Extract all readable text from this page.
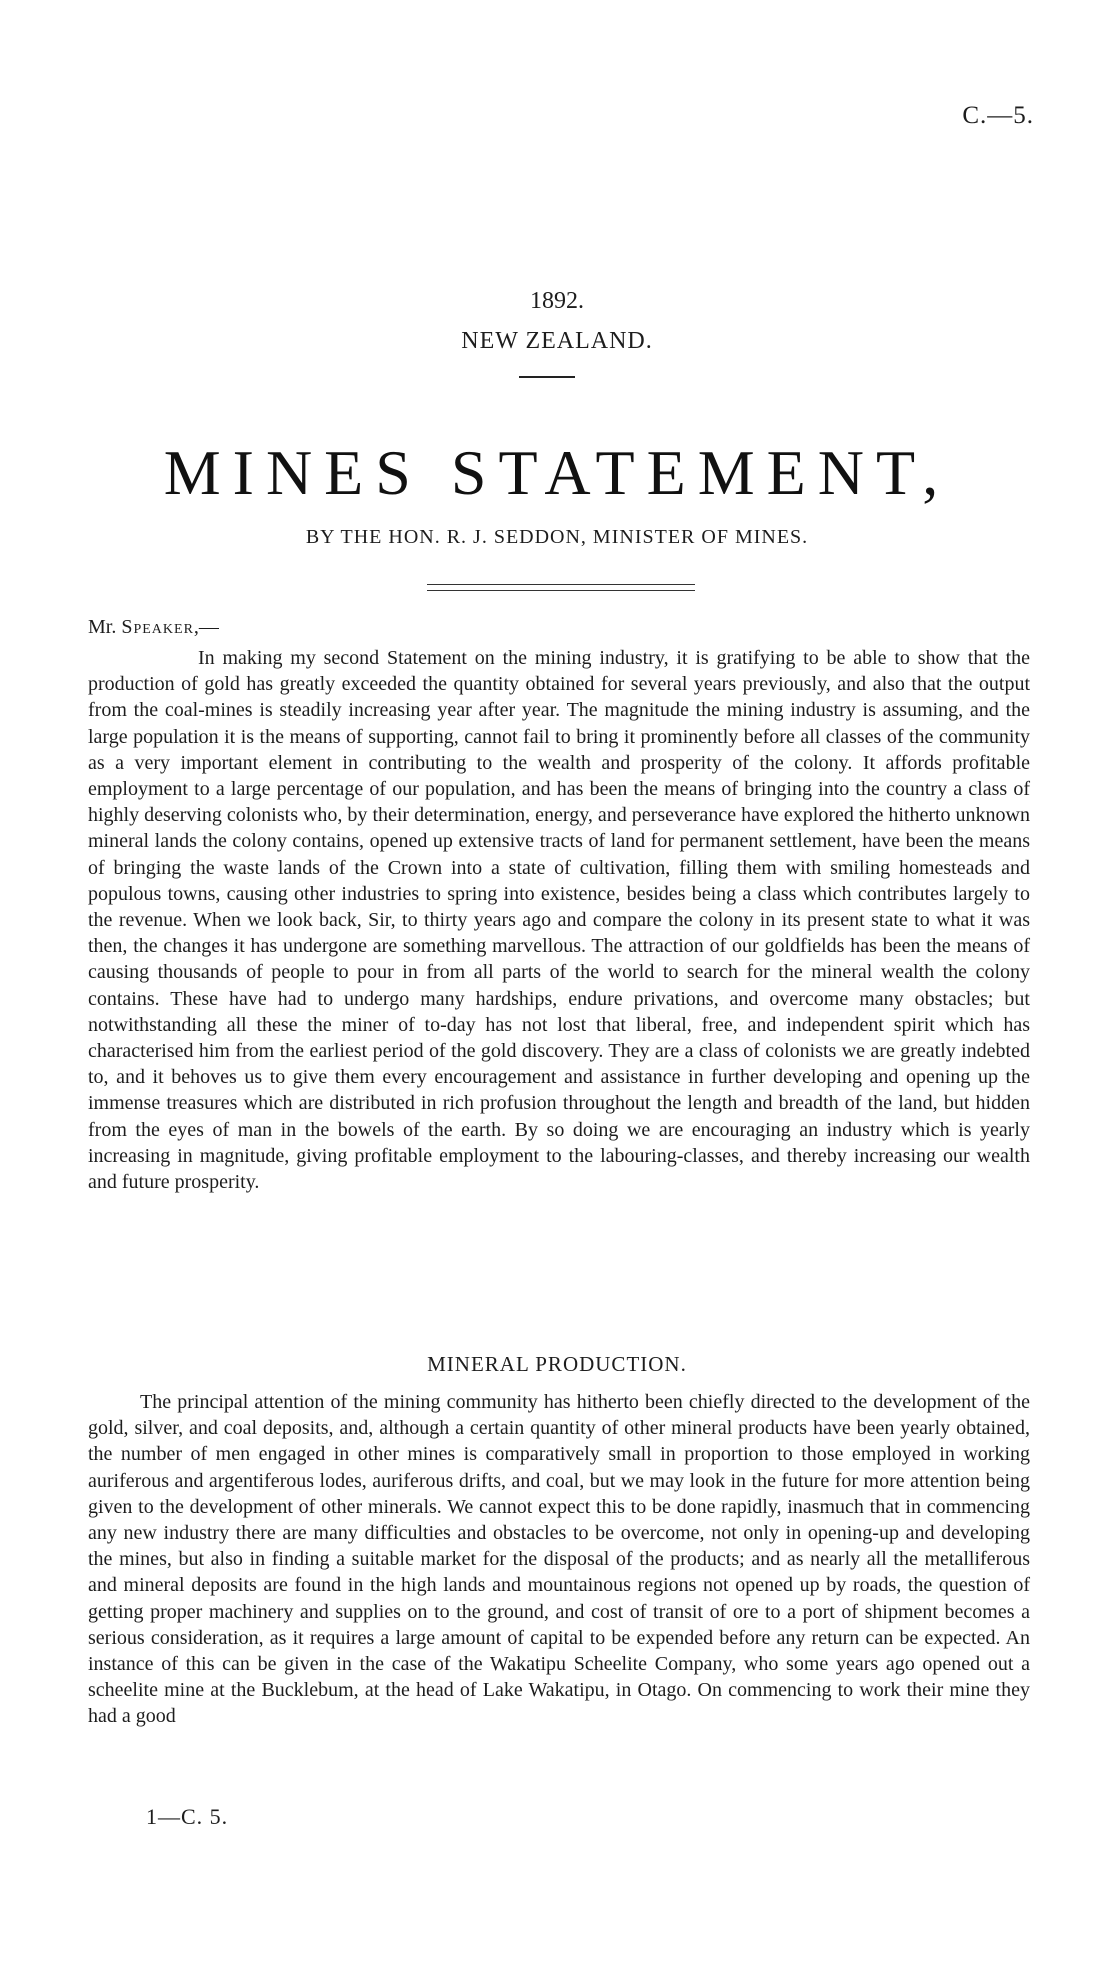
C.—5.
1892.
NEW ZEALAND.
MINES STATEMENT,
BY THE HON. R. J. SEDDON, MINISTER OF MINES.
Mr. Speaker,—

In making my second Statement on the mining industry, it is gratifying to be able to show that the production of gold has greatly exceeded the quantity obtained for several years previously, and also that the output from the coal-mines is steadily increasing year after year. The magnitude the mining industry is assuming, and the large population it is the means of supporting, cannot fail to bring it prominently before all classes of the community as a very important element in contributing to the wealth and prosperity of the colony. It affords profitable employment to a large percentage of our population, and has been the means of bringing into the country a class of highly deserving colonists who, by their determination, energy, and perseverance have explored the hitherto unknown mineral lands the colony contains, opened up extensive tracts of land for permanent settlement, have been the means of bringing the waste lands of the Crown into a state of cultivation, filling them with smiling homesteads and populous towns, causing other industries to spring into existence, besides being a class which contributes largely to the revenue. When we look back, Sir, to thirty years ago and compare the colony in its present state to what it was then, the changes it has undergone are something marvellous. The attraction of our goldfields has been the means of causing thousands of people to pour in from all parts of the world to search for the mineral wealth the colony contains. These have had to undergo many hardships, endure privations, and overcome many obstacles; but notwithstanding all these the miner of to-day has not lost that liberal, free, and independent spirit which has characterised him from the earliest period of the gold discovery. They are a class of colonists we are greatly indebted to, and it behoves us to give them every encouragement and assistance in further developing and opening up the immense treasures which are distributed in rich profusion throughout the length and breadth of the land, but hidden from the eyes of man in the bowels of the earth. By so doing we are encouraging an industry which is yearly increasing in magnitude, giving profitable employment to the labouring-classes, and thereby increasing our wealth and future prosperity.

MINERAL PRODUCTION.

The principal attention of the mining community has hitherto been chiefly directed to the development of the gold, silver, and coal deposits, and, although a certain quantity of other mineral products have been yearly obtained, the number of men engaged in other mines is comparatively small in proportion to those employed in working auriferous and argentiferous lodes, auriferous drifts, and coal, but we may look in the future for more attention being given to the development of other minerals. We cannot expect this to be done rapidly, inasmuch that in commencing any new industry there are many difficulties and obstacles to be overcome, not only in opening-up and developing the mines, but also in finding a suitable market for the disposal of the products; and as nearly all the metalliferous and mineral deposits are found in the high lands and mountainous regions not opened up by roads, the question of getting proper machinery and supplies on to the ground, and cost of transit of ore to a port of shipment becomes a serious consideration, as it requires a large amount of capital to be expended before any return can be expected. An instance of this can be given in the case of the Wakatipu Scheelite Company, who some years ago opened out a scheelite mine at the Bucklebum, at the head of Lake Wakatipu, in Otago. On commencing to work their mine they had a good

1—C. 5.
